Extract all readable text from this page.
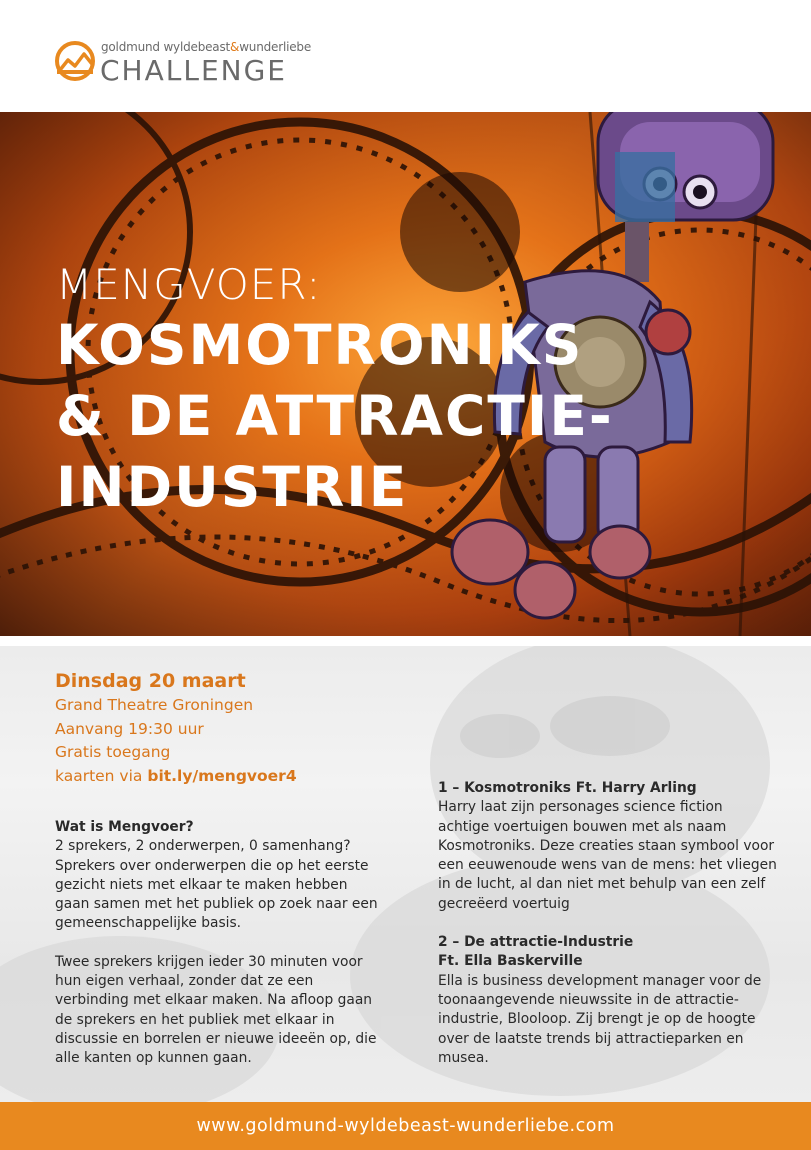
goldmund wyldebeast&wunderliebe
CHALLENGE
MENGVOER:
KOSMOTRONIKS
& DE ATTRACTIE-
INDUSTRIE
Dinsdag 20 maart
Grand Theatre Groningen
Aanvang 19:30 uur
Gratis toegang
kaarten via bit.ly/mengvoer4
Wat is Mengvoer?

2 sprekers, 2 onderwerpen, 0 samenhang? Sprekers over onderwerpen die op het eerste gezicht niets met elkaar te maken hebben gaan samen met het publiek op zoek naar een gemeenschappelijke basis.

Twee sprekers krijgen ieder 30 minuten voor hun eigen verhaal, zonder dat ze een verbinding met elkaar maken. Na afloop gaan de sprekers en het publiek met elkaar in discussie en borrelen er nieuwe ideeën op, die alle kanten op kunnen gaan.

1 – Kosmotroniks Ft. Harry Arling

Harry laat zijn personages science fiction achtige voertuigen bouwen met als naam Kosmotroniks. Deze creaties staan symbool voor een eeuwenoude wens van de mens: het vliegen in de lucht, al dan niet met behulp van een zelf gecreëerd voertuig

2 – De attractie-Industrie
Ft. Ella Baskerville

Ella is business development manager voor de toonaangevende nieuwssite in de attractie-industrie, Blooloop. Zij brengt je op de hoogte over de laatste trends bij attractieparken en musea.

www.goldmund-wyldebeast-wunderliebe.com
